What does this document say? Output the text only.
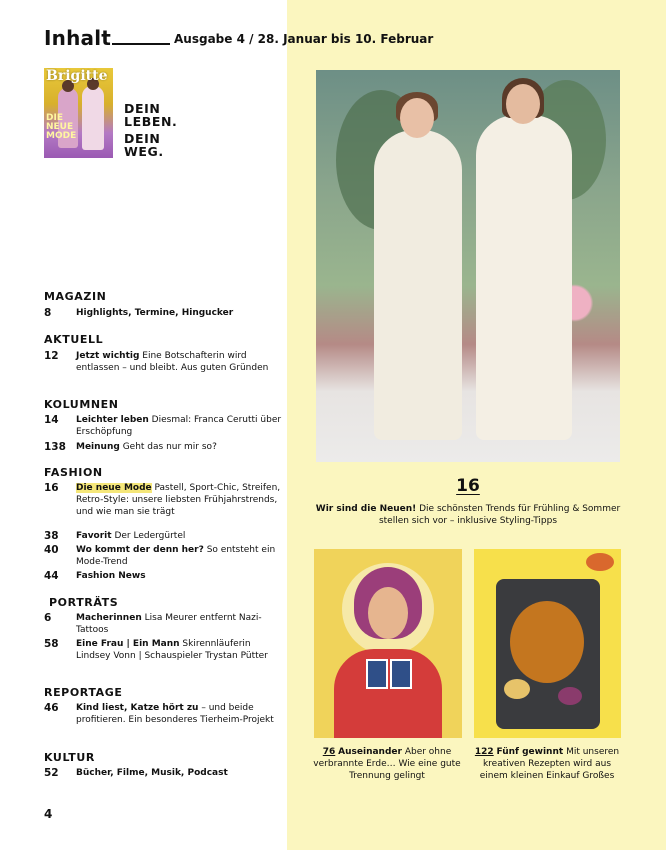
Inhalt	Ausgabe 4 / 28. Januar bis 10. Februar
Brigitte
DIE NEUE MODE
DEIN
LEBEN.
DEIN
WEG.
MAGAZIN
8	Highlights, Termine, Hingucker
AKTUELL
12 Jetzt wichtig Eine Botschafterin wird entlassen – und bleibt. Aus guten Gründen
KOLUMNEN
14 Leichter leben Diesmal: Franca Cerutti über Erschöpfung
138 Meinung Geht das nur mir so?
FASHION
16 Die neue Mode Pastell, Sport-Chic, Streifen, Retro-Style: unsere liebsten Frühjahrstrends, und wie man sie trägt
38 Favorit Der Ledergürtel
40 Wo kommt der denn her? So entsteht ein Mode-Trend
44 Fashion News
PORTRÄTS
6	Macherinnen Lisa Meurer entfernt Nazi-Tattoos
58 Eine Frau | Ein Mann Skirennläuferin Lindsey Vonn | Schauspieler Trystan Pütter
REPORTAGE
46 Kind liest, Katze hört zu – und beide profitieren. Ein besonderes Tierheim-Projekt
KULTUR
52 Bücher, Filme, Musik, Podcast
16
Wir sind die Neuen! Die schönsten Trends für Frühling & Sommer stellen sich vor – inklusive Styling-Tipps
76 Auseinander Aber ohne verbrannte Erde… Wie eine gute Trennung gelingt
122 Fünf gewinnt Mit unseren kreativen Rezepten wird aus einem kleinen Einkauf Großes
4
